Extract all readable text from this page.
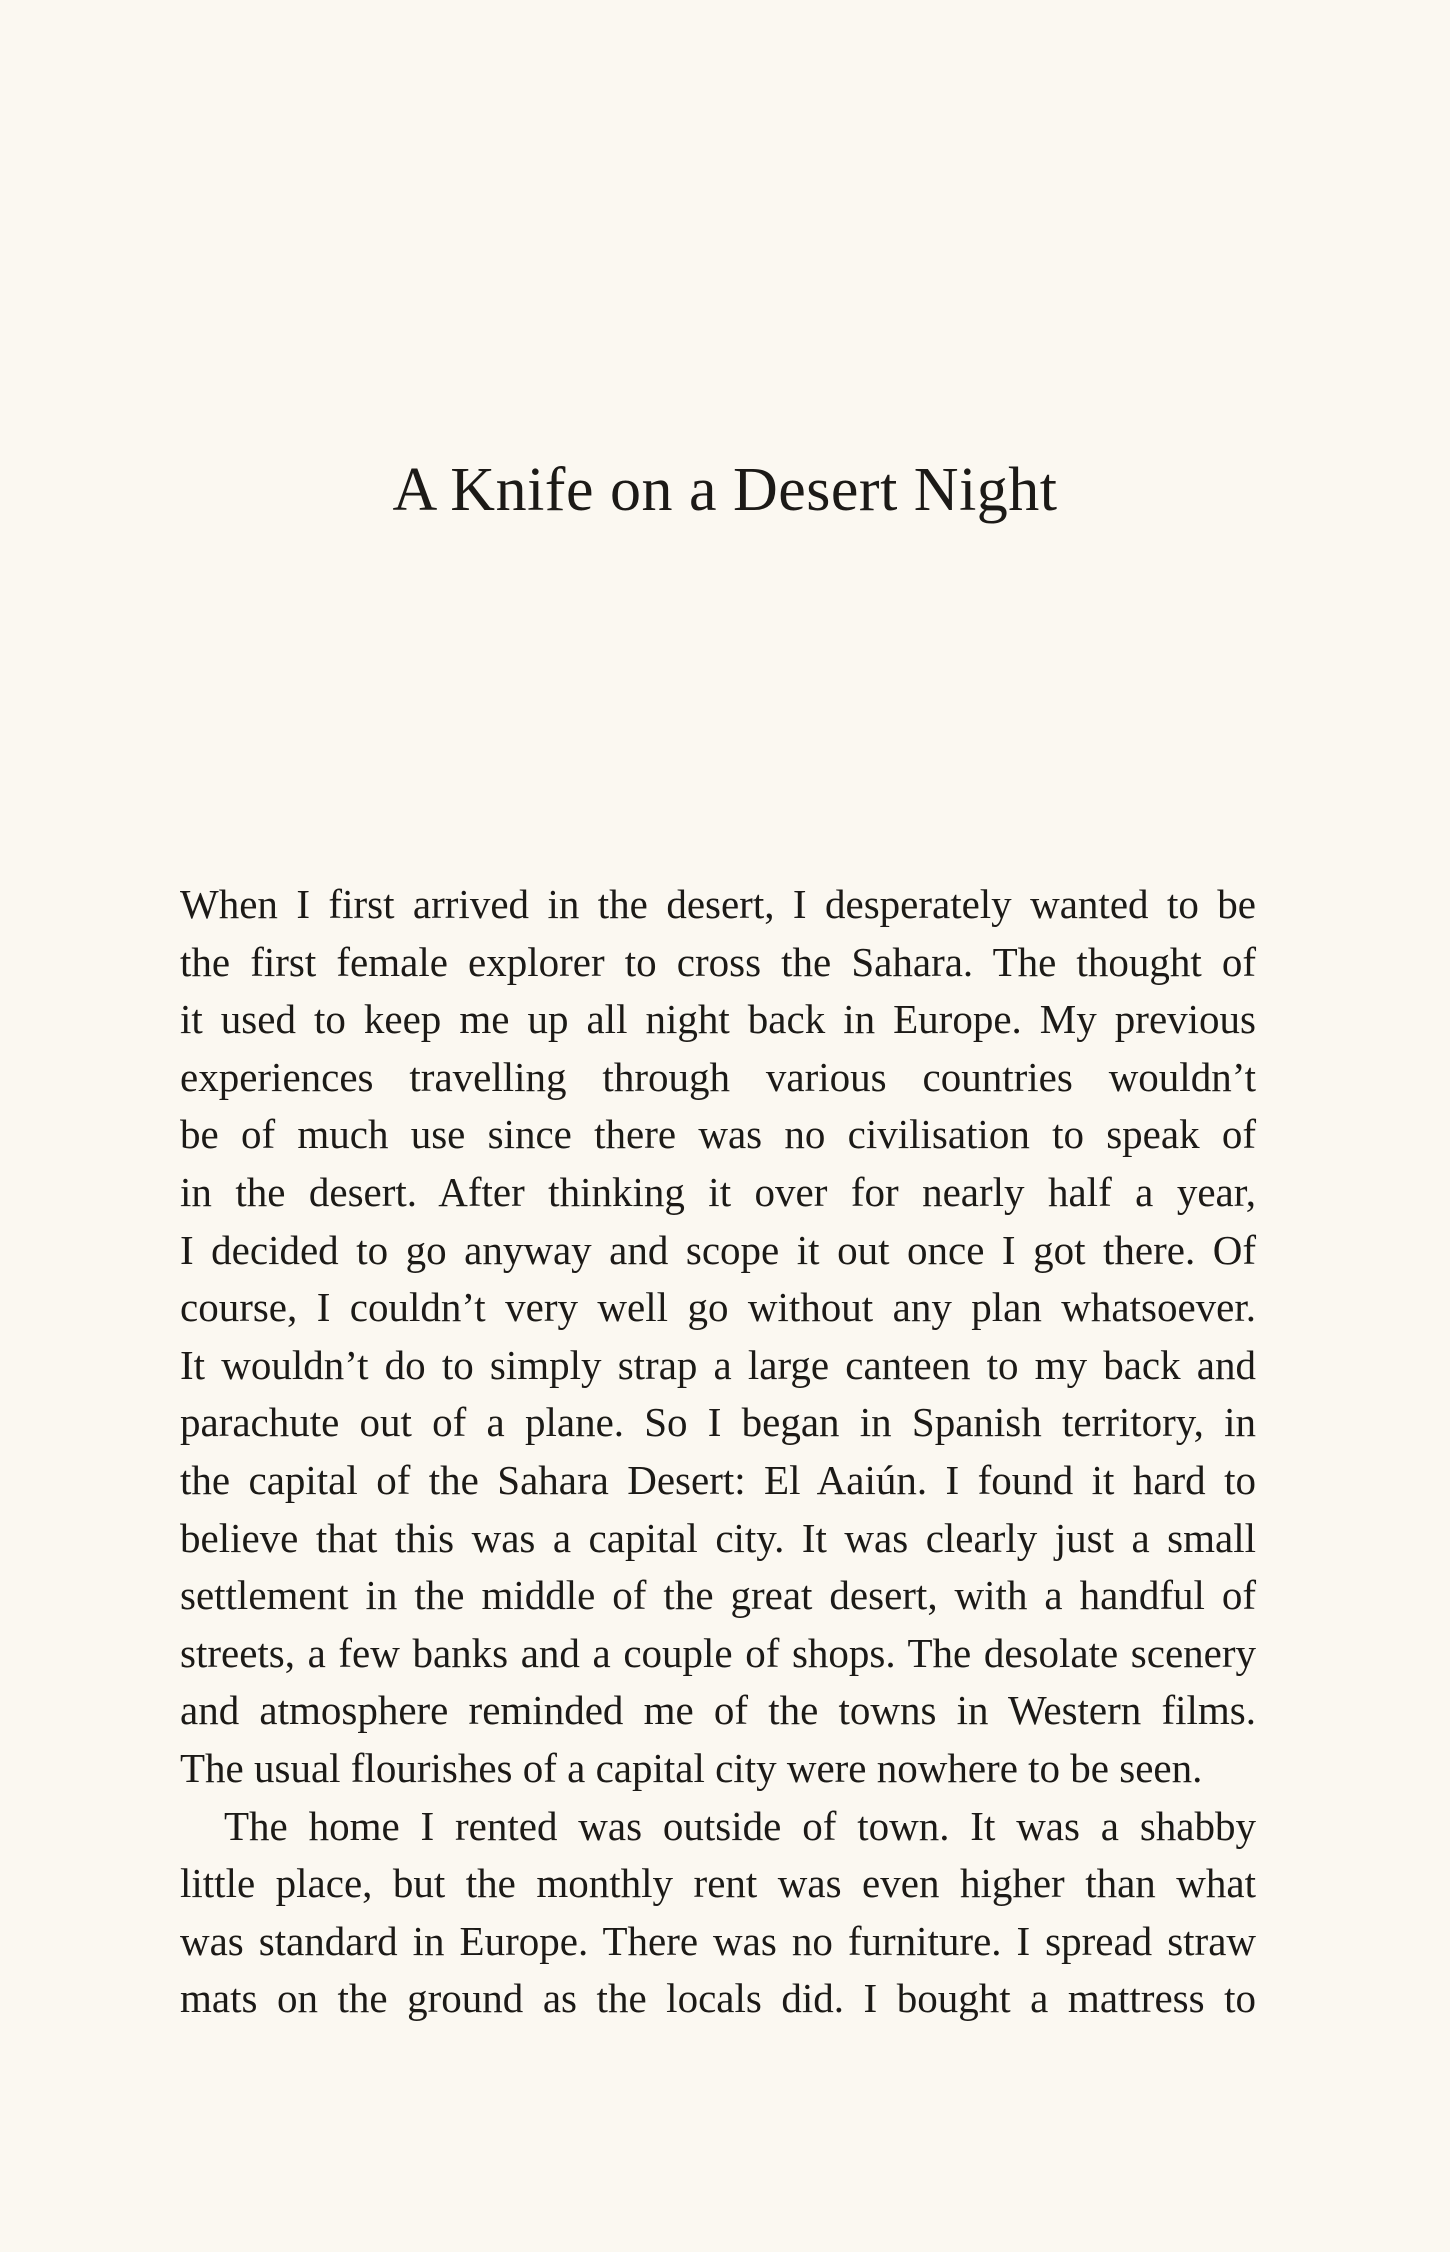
A Knife on a Desert Night
When I first arrived in the desert, I desperately wanted to be
the first female explorer to cross the Sahara. The thought of
it used to keep me up all night back in Europe. My previous
experiences travelling through various countries wouldn’t
be of much use since there was no civilisation to speak of
in the desert. After thinking it over for nearly half a year,
I decided to go anyway and scope it out once I got there. Of
course, I couldn’t very well go without any plan whatsoever.
It wouldn’t do to simply strap a large canteen to my back and
parachute out of a plane. So I began in Spanish territory, in
the capital of the Sahara Desert: El Aaiún. I found it hard to
believe that this was a capital city. It was clearly just a small
settlement in the middle of the great desert, with a handful of
streets, a few banks and a couple of shops. The desolate scenery
and atmosphere reminded me of the towns in Western films.
The usual flourishes of a capital city were nowhere to be seen.
The home I rented was outside of town. It was a shabby
little place, but the monthly rent was even higher than what
was standard in Europe. There was no furniture. I spread straw
mats on the ground as the locals did. I bought a mattress to
